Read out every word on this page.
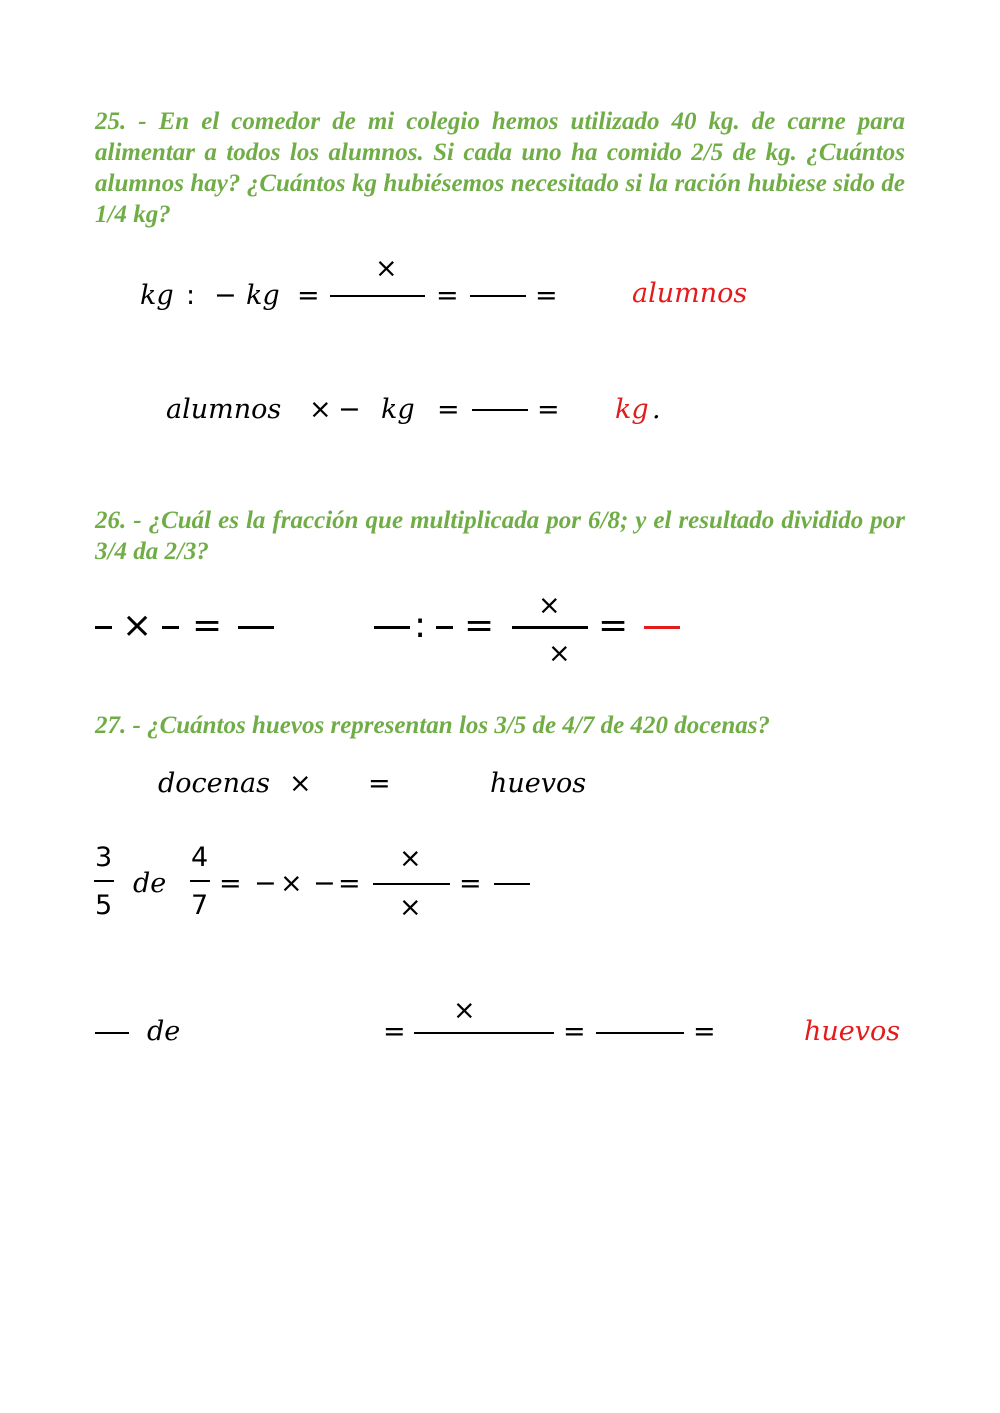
25. - En el comedor de mi colegio hemos utilizado 40 kg. de carne para alimentar a todos los alumnos. Si cada uno ha comido 2/5 de kg. ¿Cuántos alumnos hay? ¿Cuántos kg hubiésemos necesitado si la ración hubiese sido de 1/4 kg?

kg : − kg =
×
=	=	alumnos
alumnos × − kg =	= kg .

26. - ¿Cuál es la fracción que multiplicada por 6/8; y el resultado dividido por 3/4 da 2/3?

× =	: = ×
×
=

27. - ¿Cuántos huevos representan los 3/5 de 4/7 de 420 docenas?

docenas × =	huevos
3
5
de
4
7
= − × − =
×
×
=
de	=
×
=	=	huevos
